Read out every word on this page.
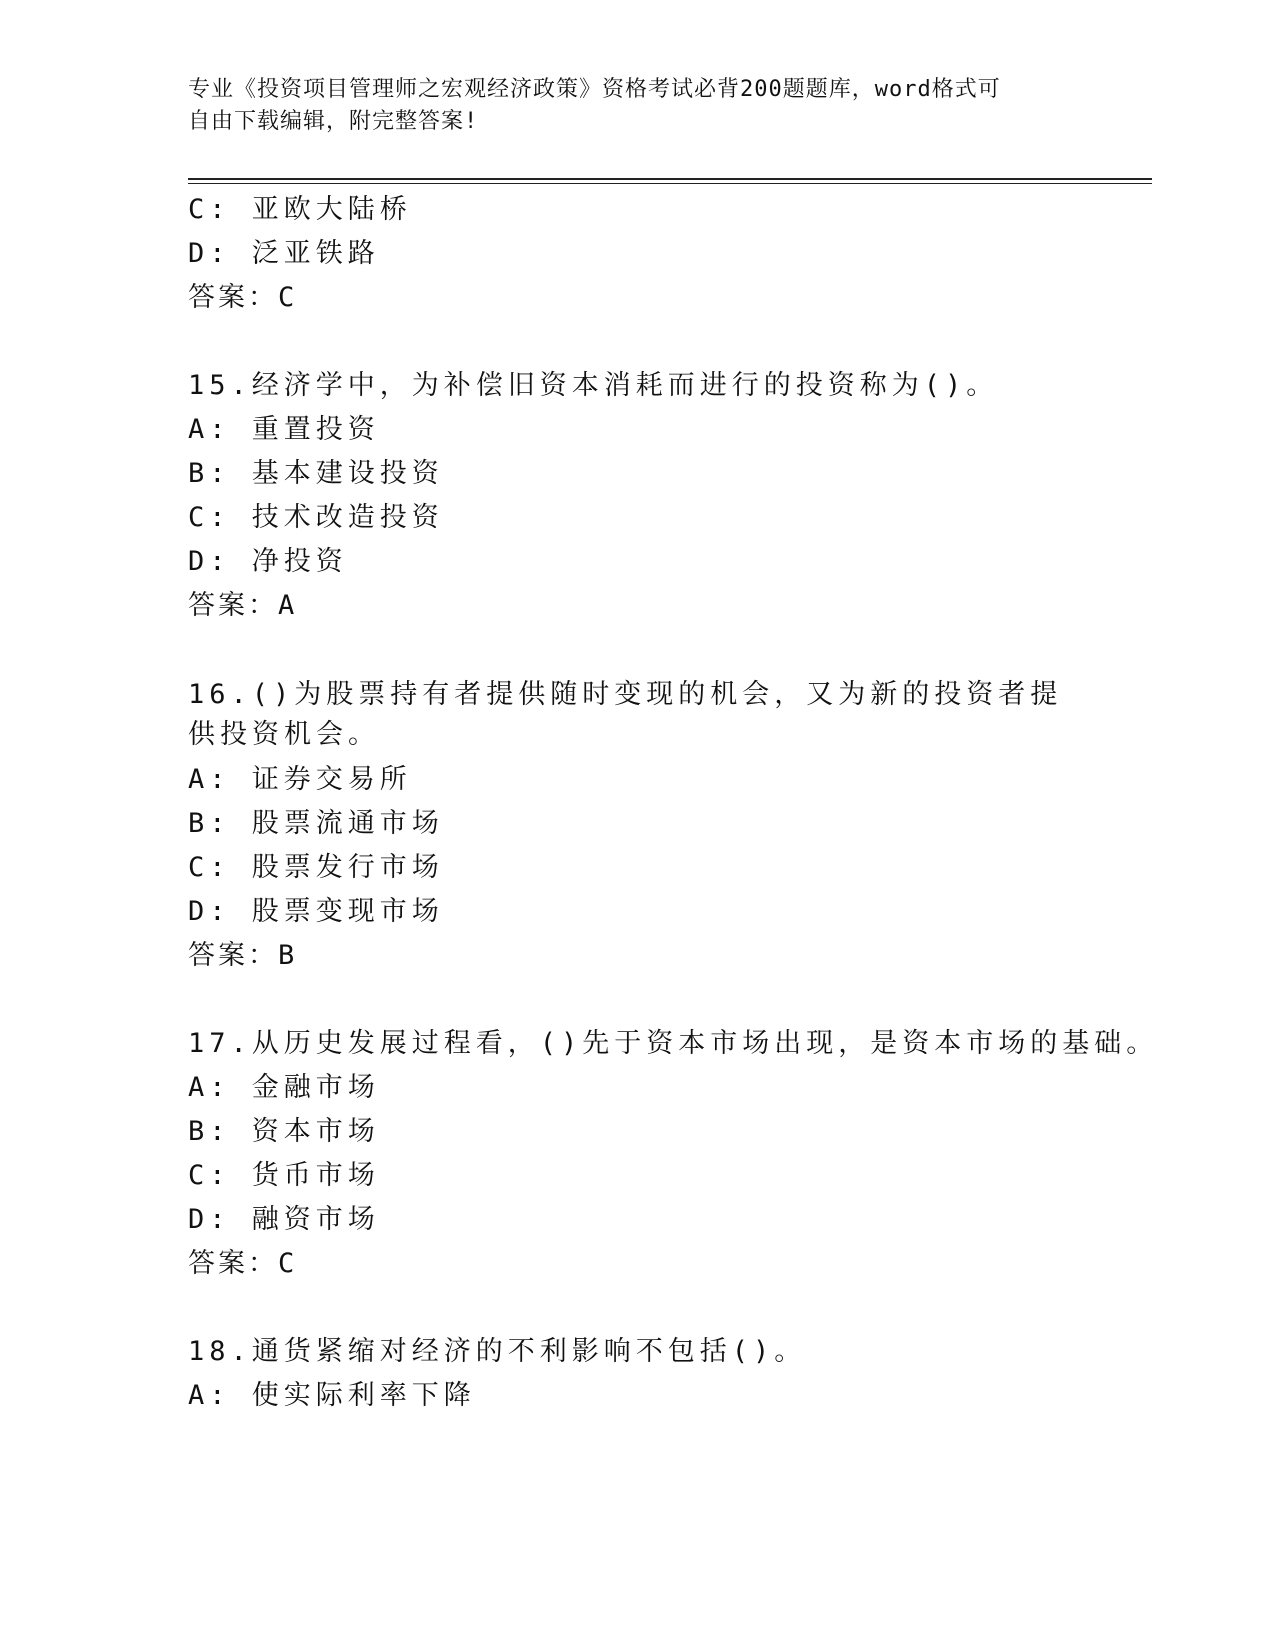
专业《投资项目管理师之宏观经济政策》资格考试必背200题题库，word格式可
自由下载编辑，附完整答案!
C: 亚欧大陆桥
D: 泛亚铁路
答案：C
15.经济学中，为补偿旧资本消耗而进行的投资称为()。
A: 重置投资
B: 基本建设投资
C: 技术改造投资
D: 净投资
答案：A
16.()为股票持有者提供随时变现的机会，又为新的投资者提供投资机会。
A: 证券交易所
B: 股票流通市场
C: 股票发行市场
D: 股票变现市场
答案：B
17.从历史发展过程看，()先于资本市场出现，是资本市场的基础。
A: 金融市场
B: 资本市场
C: 货币市场
D: 融资市场
答案：C
18.通货紧缩对经济的不利影响不包括()。
A: 使实际利率下降
